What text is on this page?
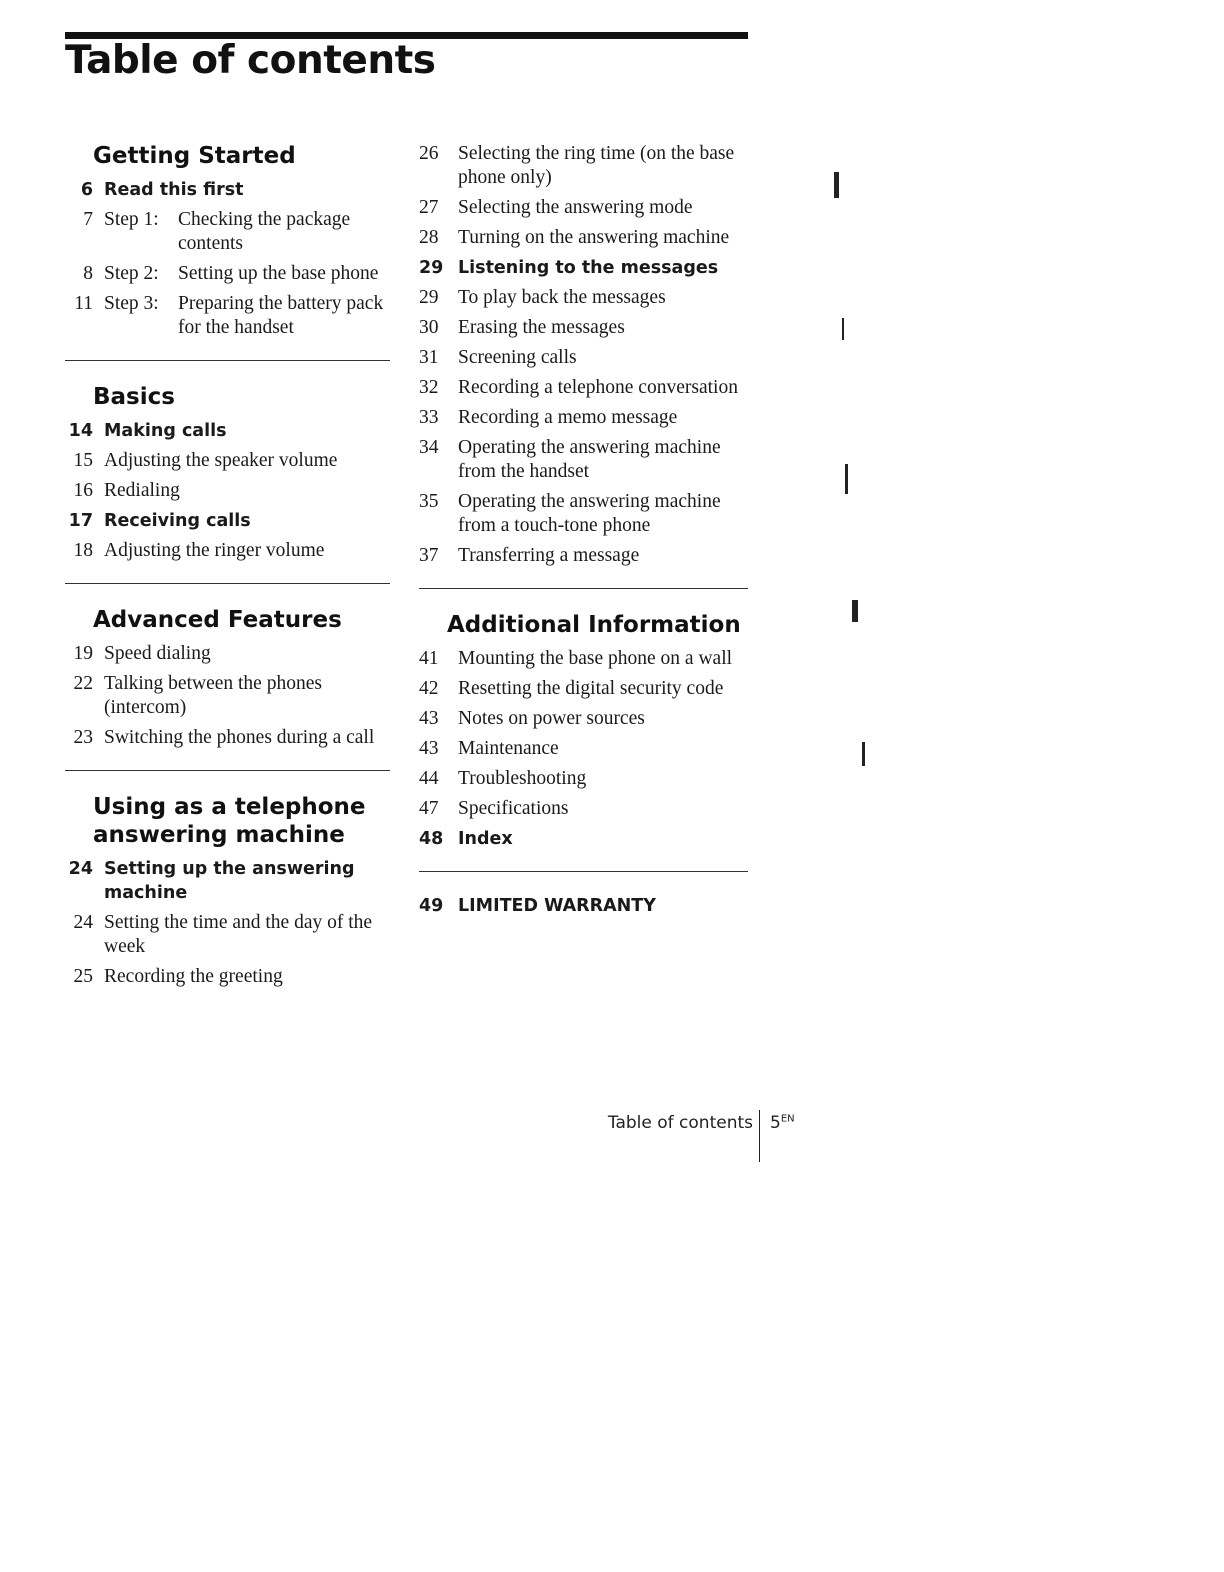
Table of contents
Getting Started
6 Read this first
7 Step 1: Checking the package contents
8 Step 2: Setting up the base phone
11 Step 3: Preparing the battery pack for the handset
Basics
14 Making calls
15 Adjusting the speaker volume
16 Redialing
17 Receiving calls
18 Adjusting the ringer volume
Advanced Features
19 Speed dialing
22 Talking between the phones (intercom)
23 Switching the phones during a call
Using as a telephone answering machine
24 Setting up the answering machine
24 Setting the time and the day of the week
25 Recording the greeting
26	Selecting the ring time (on the base phone only)
27	Selecting the answering mode
28	Turning on the answering machine
29 Listening to the messages
29	To play back the messages
30	Erasing the messages
31	Screening calls
32	Recording a telephone conversation
33	Recording a memo message
34	Operating the answering machine from the handset
35	Operating the answering machine from a touch-tone phone
37	Transferring a message
Additional Information
41	Mounting the base phone on a wall
42	Resetting the digital security code
43	Notes on power sources
43	Maintenance
44	Troubleshooting
47	Specifications
48 Index
49 LIMITED WARRANTY
Table of contents $5^{EN}$
